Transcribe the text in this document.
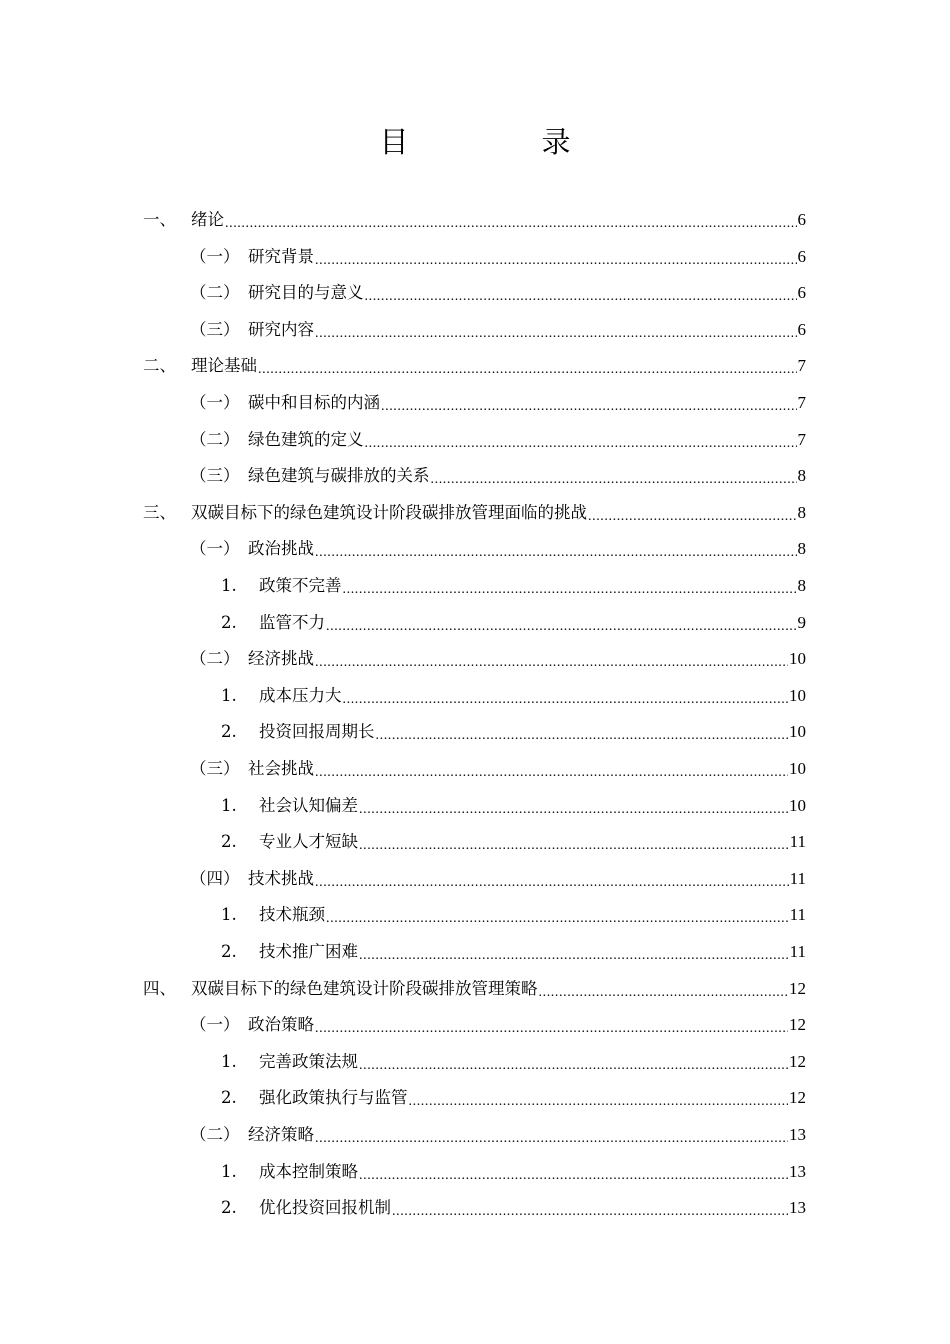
目　录
一、 绪论 .....	6
（一） 研究背景 .....	6
（二） 研究目的与意义 .....	6
（三） 研究内容 .....	6
二、 理论基础 .....	7
（一） 碳中和目标的内涵 .....	7
（二） 绿色建筑的定义 .....	7
（三） 绿色建筑与碳排放的关系 .....	8
三、 双碳目标下的绿色建筑设计阶段碳排放管理面临的挑战 .....	8
（一） 政治挑战 .....	8
1.	政策不完善 .....	8
2.	监管不力 .....	9
（二） 经济挑战 .....	10
1.	成本压力大 .....	10
2.	投资回报周期长 .....	10
（三） 社会挑战 .....	10
1.	社会认知偏差 .....	10
2.	专业人才短缺 .....	11
（四） 技术挑战 .....	11
1.	技术瓶颈 .....	11
2.	技术推广困难 .....	11
四、 双碳目标下的绿色建筑设计阶段碳排放管理策略 .....	12
（一） 政治策略 .....	12
1.	完善政策法规 .....	12
2.	强化政策执行与监管 .....	12
（二） 经济策略 .....	13
1.	成本控制策略 .....	13
2.	优化投资回报机制 .....	13
